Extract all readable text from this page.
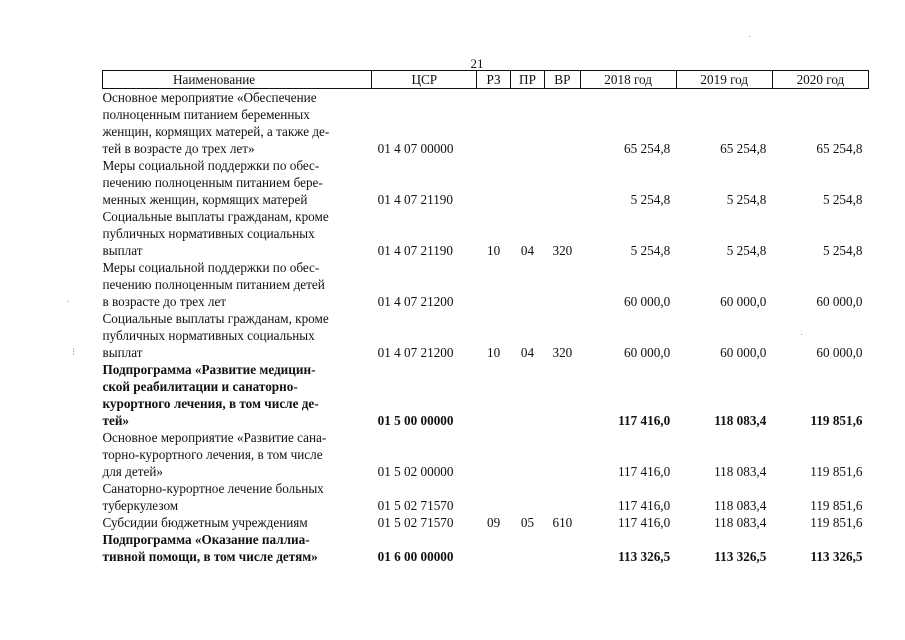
21
Наименование	ЦСР	РЗ	ПР	ВР	2018 год	2019 год	2020 год

Основное мероприятие «Обеспечение
полноценным питанием беременных
женщин, кормящих матерей, а также де-
тей в возрасте до трех лет»	01 4 07 00000				65 254,8	65 254,8	65 254,8

Меры социальной поддержки по обес-
печению полноценным питанием бере-
менных женщин, кормящих матерей	01 4 07 21190				5 254,8	5 254,8	5 254,8

Социальные выплаты гражданам, кроме
публичных нормативных социальных
выплат	01 4 07 21190	10	04	320	5 254,8	5 254,8	5 254,8

Меры социальной поддержки по обес-
печению полноценным питанием детей
в возрасте до трех лет	01 4 07 21200				60 000,0	60 000,0	60 000,0

Социальные выплаты гражданам, кроме
публичных нормативных социальных
выплат	01 4 07 21200	10	04	320	60 000,0	60 000,0	60 000,0

Подпрограмма «Развитие медицин-
ской реабилитации и санаторно-
курортного лечения, в том числе де-
тей»	01 5 00 00000				117 416,0	118 083,4	119 851,6

Основное мероприятие «Развитие сана-
торно-курортного лечения, в том числе
для детей»	01 5 02 00000				117 416,0	118 083,4	119 851,6

Санаторно-курортное лечение больных
туберкулезом	01 5 02 71570				117 416,0	118 083,4	119 851,6

Субсидии бюджетным учреждениям	01 5 02 71570	09	05	610	117 416,0	118 083,4	119 851,6

Подпрограмма «Оказание паллиа-
тивной помощи, в том числе детям»	01 6 00 00000				113 326,5	113 326,5	113 326,5
·
⁝
·
·
